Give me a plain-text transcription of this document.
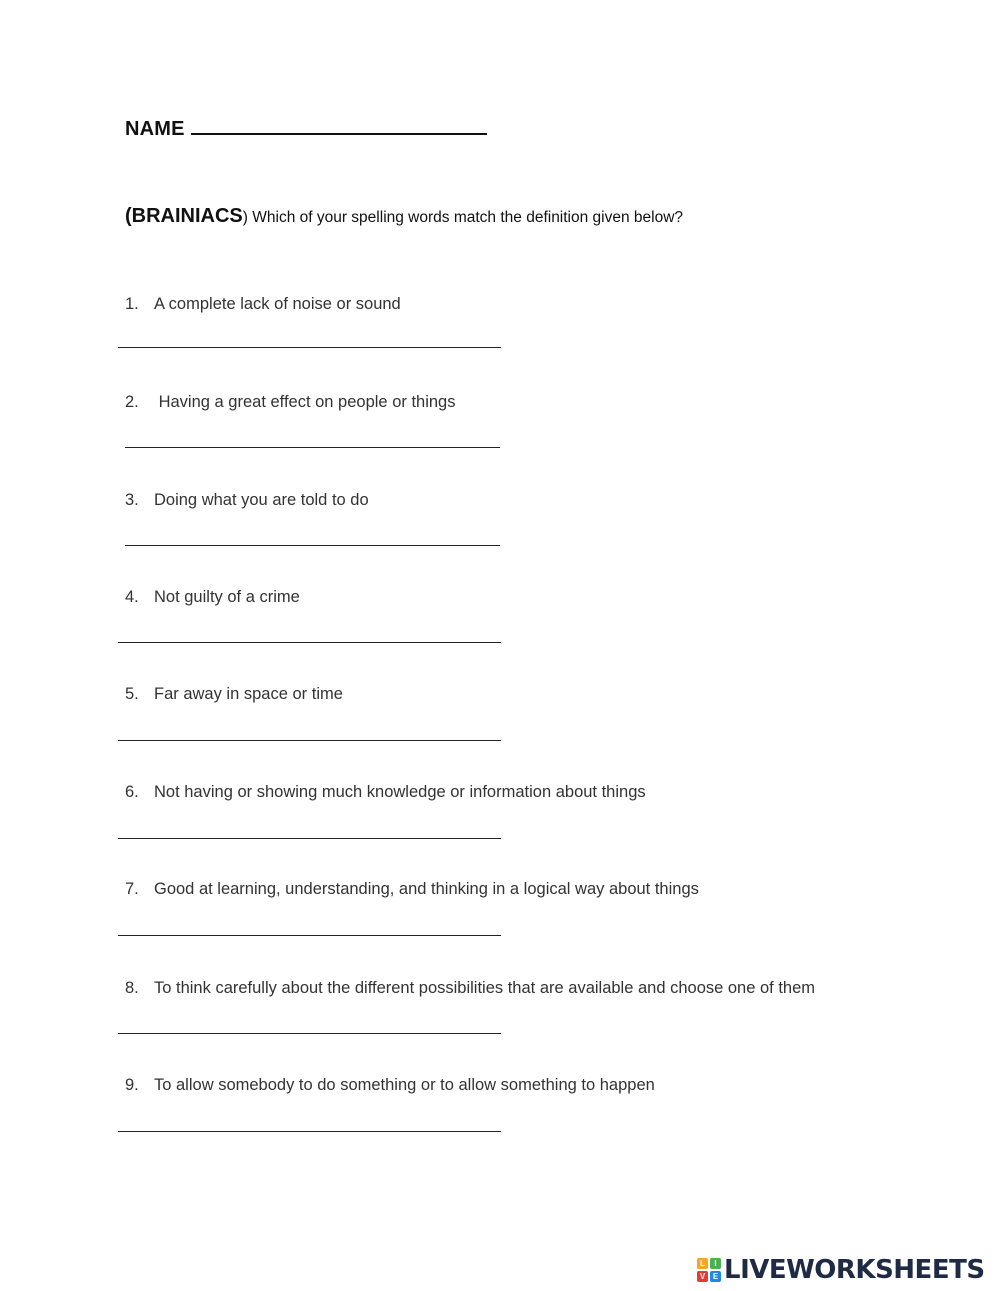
NAME
(BRAINIACS) Which of your spelling words match the definition given below?
1. A complete lack of noise or sound
2. Having a great effect on people or things
3. Doing what you are told to do
4. Not guilty of a crime
5. Far away in space or time
6. Not having or showing much knowledge or information about things
7. Good at learning, understanding, and thinking in a logical way about things
8. To think carefully about the different possibilities that are available and choose one of them
9. To allow somebody to do something or to allow something to happen
L	I
V E LIVEWORKSHEETS
